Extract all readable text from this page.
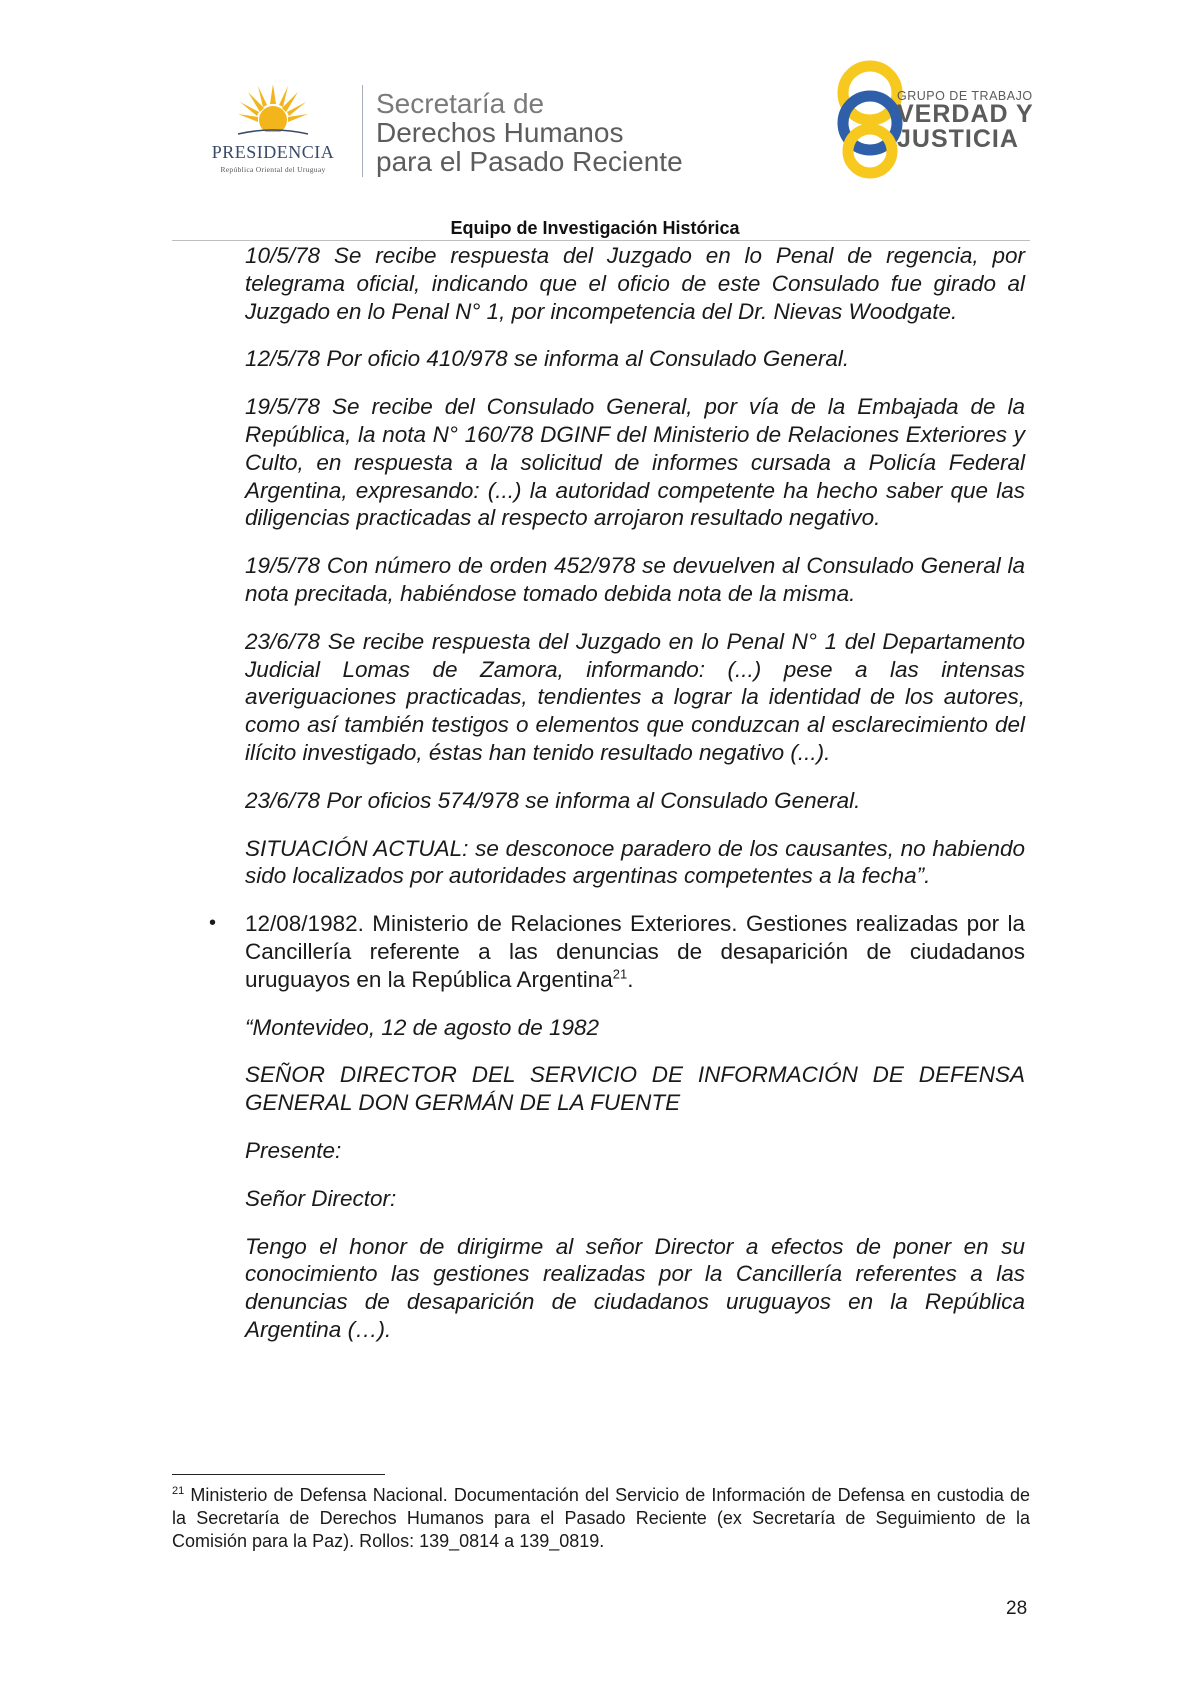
PRESIDENCIA
República Oriental del Uruguay
Secretaría de
Derechos Humanos
para el Pasado Reciente
GRUPO DE TRABAJO
VERDAD Y
JUSTICIA
Equipo de Investigación Histórica

10/5/78 Se recibe respuesta del Juzgado en lo Penal de regencia, por telegrama oficial, indicando que el oficio de este Consulado fue girado al Juzgado en lo Penal N° 1, por incompetencia del Dr. Nievas Woodgate.

12/5/78 Por oficio 410/978 se informa al Consulado General.

19/5/78 Se recibe del Consulado General, por vía de la Embajada de la República, la nota N° 160/78 DGINF del Ministerio de Relaciones Exteriores y Culto, en respuesta a la solicitud de informes cursada a Policía Federal Argentina, expresando: (...) la autoridad competente ha hecho saber que las diligencias practicadas al respecto arrojaron resultado negativo.

19/5/78 Con número de orden 452/978 se devuelven al Consulado General la nota precitada, habiéndose tomado debida nota de la misma.

23/6/78 Se recibe respuesta del Juzgado en lo Penal N° 1 del Departamento Judicial Lomas de Zamora, informando: (...) pese a las intensas averiguaciones practicadas, tendientes a lograr la identidad de los autores, como así también testigos o elementos que conduzcan al esclarecimiento del ilícito investigado, éstas han tenido resultado negativo (...).

23/6/78 Por oficios 574/978 se informa al Consulado General.

SITUACIÓN ACTUAL: se desconoce paradero de los causantes, no habiendo sido localizados por autoridades argentinas competentes a la fecha”.

• 12/08/1982. Ministerio de Relaciones Exteriores. Gestiones realizadas por la Cancillería referente a las denuncias de desaparición de ciudadanos uruguayos en la República Argentina$^{21}$.

“Montevideo, 12 de agosto de 1982

SEÑOR DIRECTOR DEL SERVICIO DE INFORMACIÓN DE DEFENSA GENERAL DON GERMÁN DE LA FUENTE

Presente:

Señor Director:

Tengo el honor de dirigirme al señor Director a efectos de poner en su conocimiento las gestiones realizadas por la Cancillería referentes a las denuncias de desaparición de ciudadanos uruguayos en la República Argentina (…).

$^{21}$ Ministerio de Defensa Nacional. Documentación del Servicio de Información de Defensa en custodia de la Secretaría de Derechos Humanos para el Pasado Reciente (ex Secretaría de Seguimiento de la Comisión para la Paz). Rollos: 139_0814 a 139_0819.
28
